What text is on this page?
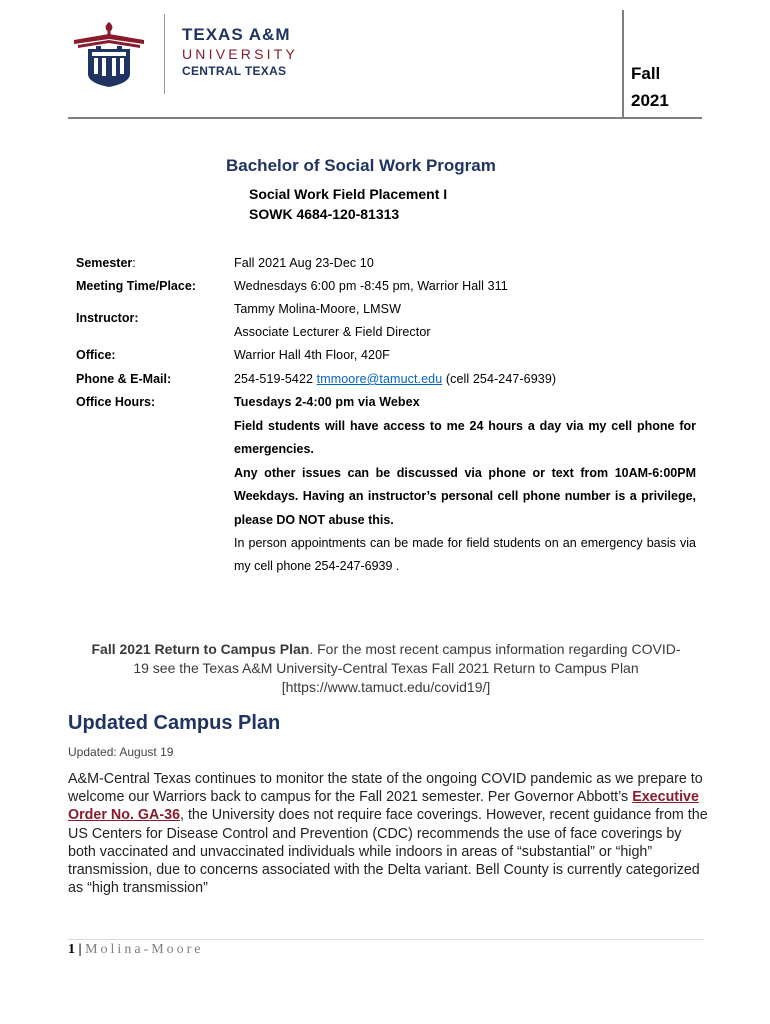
TEXAS A&M
UNIVERSITY
CENTRAL TEXAS	Fall
2021
Bachelor of Social Work Program
Social Work Field Placement I
SOWK 4684-120-81313
Semester:	Fall 2021 Aug 23-Dec 10
Meeting Time/Place:	Wednesdays 6:00 pm -8:45 pm, Warrior Hall 311
Instructor:
Tammy Molina-Moore, LMSW
Associate Lecturer & Field Director
Office:	Warrior Hall 4th Floor, 420F
Phone & E-Mail:	254-519-5422 tmmoore@tamuct.edu (cell 254-247-6939)
Office Hours:	Tuesdays 2-4:00 pm via Webex

Field students will have access to me 24 hours a day via my cell phone for emergencies.

Any other issues can be discussed via phone or text from 10AM-6:00PM Weekdays. Having an instructor’s personal cell phone number is a privilege, please DO NOT abuse this.

In person appointments can be made for field students on an emergency basis via my cell phone 254-247-6939 .
Fall 2021 Return to Campus Plan. For the most recent campus information regarding COVID-19 see the Texas A&M University-Central Texas Fall 2021 Return to Campus Plan [https://www.tamuct.edu/covid19/]
Updated Campus Plan
Updated: August 19
A&M-Central Texas continues to monitor the state of the ongoing COVID pandemic as we prepare to welcome our Warriors back to campus for the Fall 2021 semester. Per Governor Abbott’s Executive Order No. GA-36, the University does not require face coverings. However, recent guidance from the US Centers for Disease Control and Prevention (CDC) recommends the use of face coverings by both vaccinated and unvaccinated individuals while indoors in areas of “substantial” or “high” transmission, due to concerns associated with the Delta variant. Bell County is currently categorized as “high transmission”
1 | Molina-Moore
